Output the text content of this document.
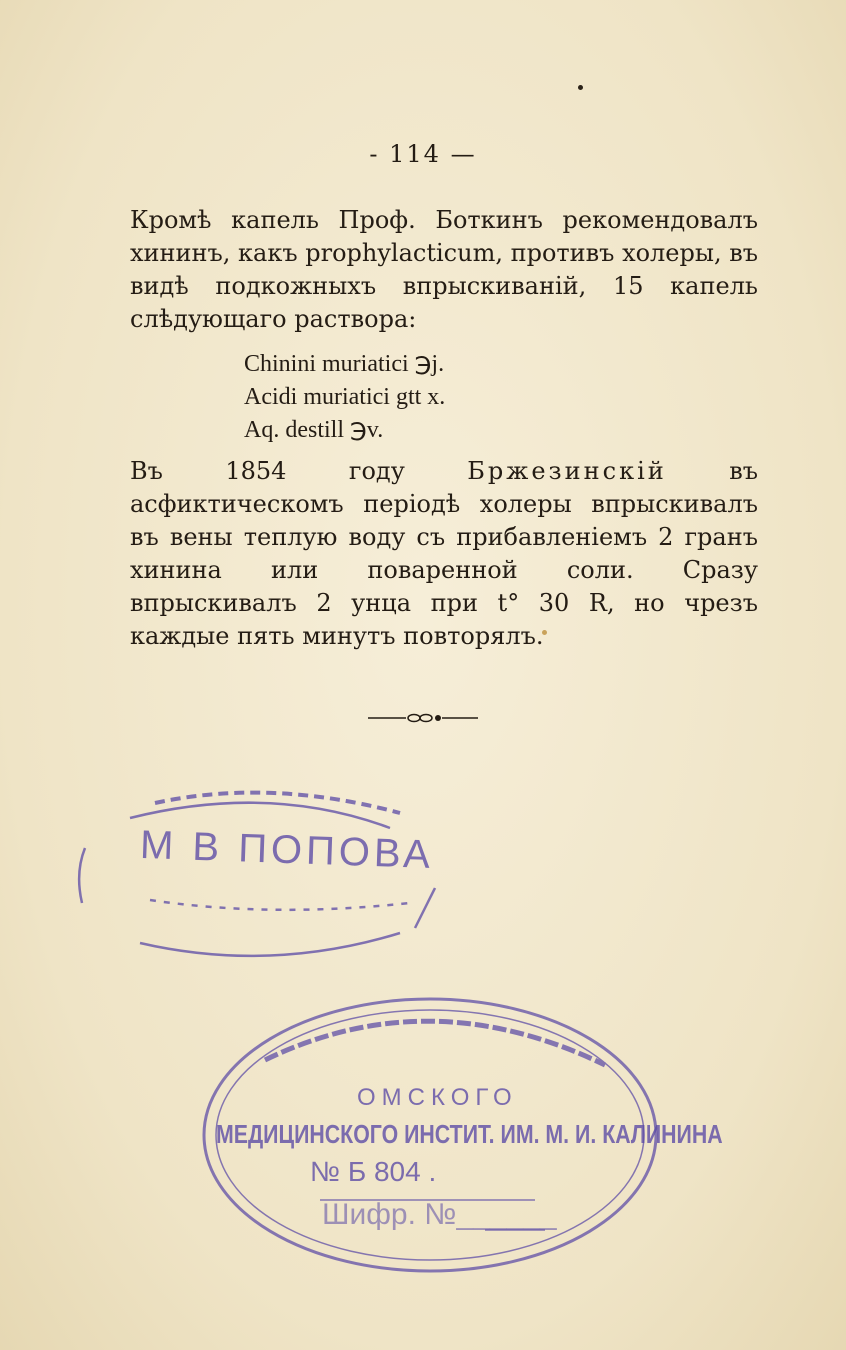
- 114 —

Кромѣ капель Проф. Боткинъ рекомендовалъ хининъ, какъ prophylacticum, противъ холеры, въ видѣ подкожныхъ впрыскиваній, 15 капель слѣдующаго раствора:

Chinini muriatici ℈j.
Acidi muriatici gtt x.
Aq. destill ℈v.

Въ 1854 году Бржезинскій въ асфиктическомъ періодѣ холеры впрыскивалъ въ вены теплую воду съ прибавленіемъ 2 гранъ хинина или поваренной соли. Сразу впрыскивалъ 2 унца при t° 30 R, но чрезъ каждые пять минутъ повторялъ.

М В ПОПОВА
ОМСКОГО
МЕДИЦИНСКОГО ИНСТИТ. ИМ. М. И. КАЛИНИНА
№ Б 804 .
Шифр. №______
